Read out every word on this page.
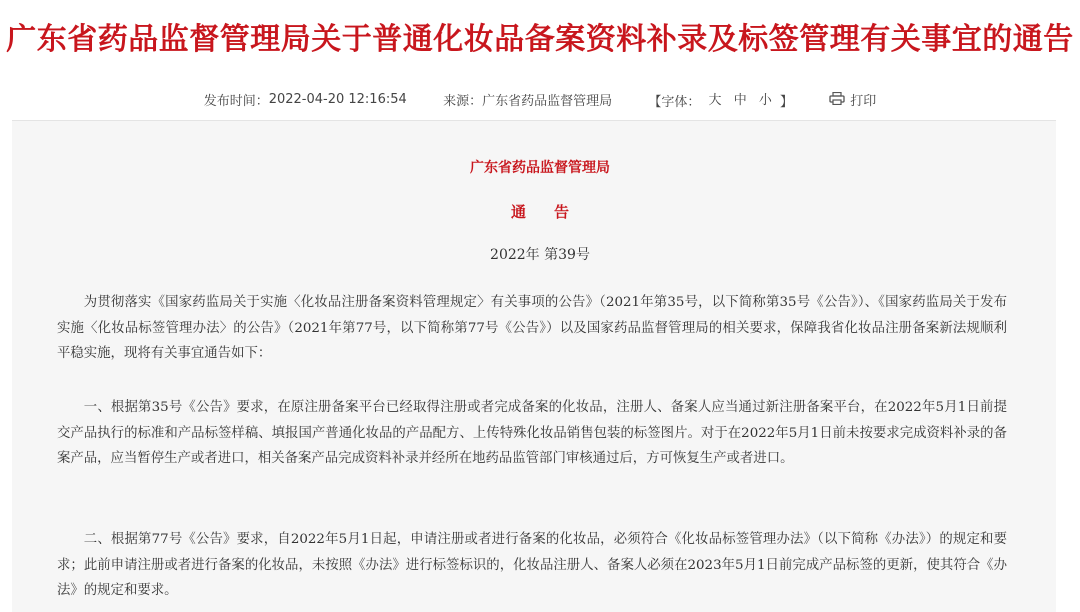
广东省药品监督管理局关于普通化妆品备案资料补录及标签管理有关事宜的通告
发布时间：2022-04-20 12:16:54	来源：广东省药品监督管理局	【字体： 大 中 小 】	打印
广东省药品监督管理局
通 告
2022年 第39号

为贯彻落实《国家药监局关于实施〈化妆品注册备案资料管理规定〉有关事项的公告》（2021年第35号，以下简称第35号《公告》）、《国家药监局关于发布实施〈化妆品标签管理办法〉的公告》（2021年第77号，以下简称第77号《公告》）以及国家药品监督管理局的相关要求，保障我省化妆品注册备案新法规顺利平稳实施，现将有关事宜通告如下：

一、根据第35号《公告》要求，在原注册备案平台已经取得注册或者完成备案的化妆品，注册人、备案人应当通过新注册备案平台，在2022年5月1日前提交产品执行的标准和产品标签样稿、填报国产普通化妆品的产品配方、上传特殊化妆品销售包装的标签图片。对于在2022年5月1日前未按要求完成资料补录的备案产品，应当暂停生产或者进口，相关备案产品完成资料补录并经所在地药品监管部门审核通过后，方可恢复生产或者进口。

二、根据第77号《公告》要求，自2022年5月1日起，申请注册或者进行备案的化妆品，必须符合《化妆品标签管理办法》（以下简称《办法》）的规定和要求；此前申请注册或者进行备案的化妆品，未按照《办法》进行标签标识的，化妆品注册人、备案人必须在2023年5月1日前完成产品标签的更新，使其符合《办法》的规定和要求。
